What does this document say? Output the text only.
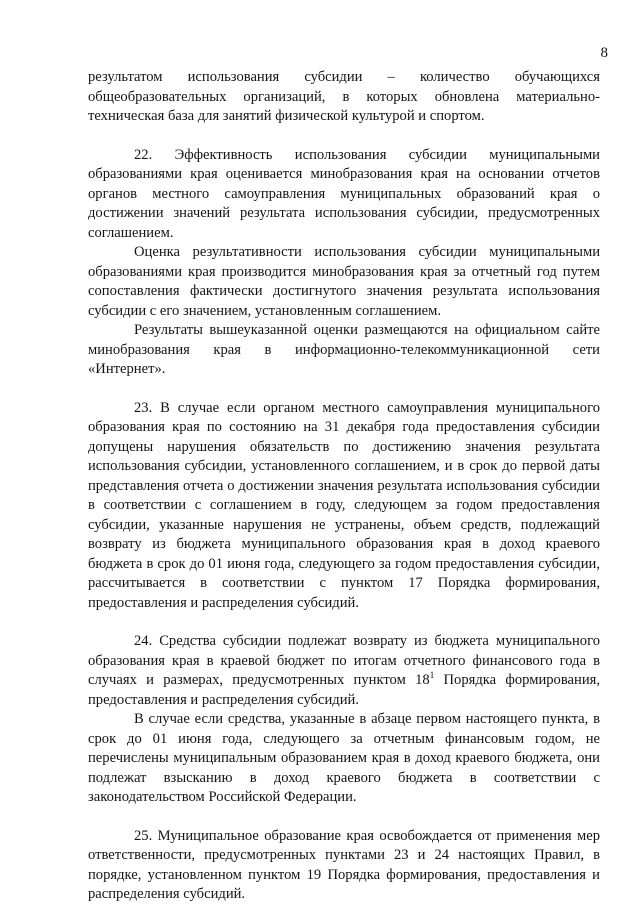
8

результатом использования субсидии – количество обучающихся общеобразовательных организаций, в которых обновлена материально-техническая база для занятий физической культурой и спортом.

22. Эффективность использования субсидии муниципальными образованиями края оценивается минобразования края на основании отчетов органов местного самоуправления муниципальных образований края о достижении значений результата использования субсидии, предусмотренных соглашением.

Оценка результативности использования субсидии муниципальными образованиями края производится минобразования края за отчетный год путем сопоставления фактически достигнутого значения результата использования субсидии с его значением, установленным соглашением.

Результаты вышеуказанной оценки размещаются на официальном сайте минобразования края в информационно-телекоммуникационной сети «Интернет».

23. В случае если органом местного самоуправления муниципального образования края по состоянию на 31 декабря года предоставления субсидии допущены нарушения обязательств по достижению значения результата использования субсидии, установленного соглашением, и в срок до первой даты представления отчета о достижении значения результата использования субсидии в соответствии с соглашением в году, следующем за годом предоставления субсидии, указанные нарушения не устранены, объем средств, подлежащий возврату из бюджета муниципального образования края в доход краевого бюджета в срок до 01 июня года, следующего за годом предоставления субсидии, рассчитывается в соответствии с пунктом 17 Порядка формирования, предоставления и распределения субсидий.

24. Средства субсидии подлежат возврату из бюджета муниципального образования края в краевой бюджет по итогам отчетного финансового года в случаях и размерах, предусмотренных пунктом $18^1$ Порядка формирования, предоставления и распределения субсидий.

В случае если средства, указанные в абзаце первом настоящего пункта, в срок до 01 июня года, следующего за отчетным финансовым годом, не перечислены муниципальным образованием края в доход краевого бюджета, они подлежат взысканию в доход краевого бюджета в соответствии с законодательством Российской Федерации.

25. Муниципальное образование края освобождается от применения мер ответственности, предусмотренных пунктами 23 и 24 настоящих Правил, в порядке, установленном пунктом 19 Порядка формирования, предоставления и распределения субсидий.
